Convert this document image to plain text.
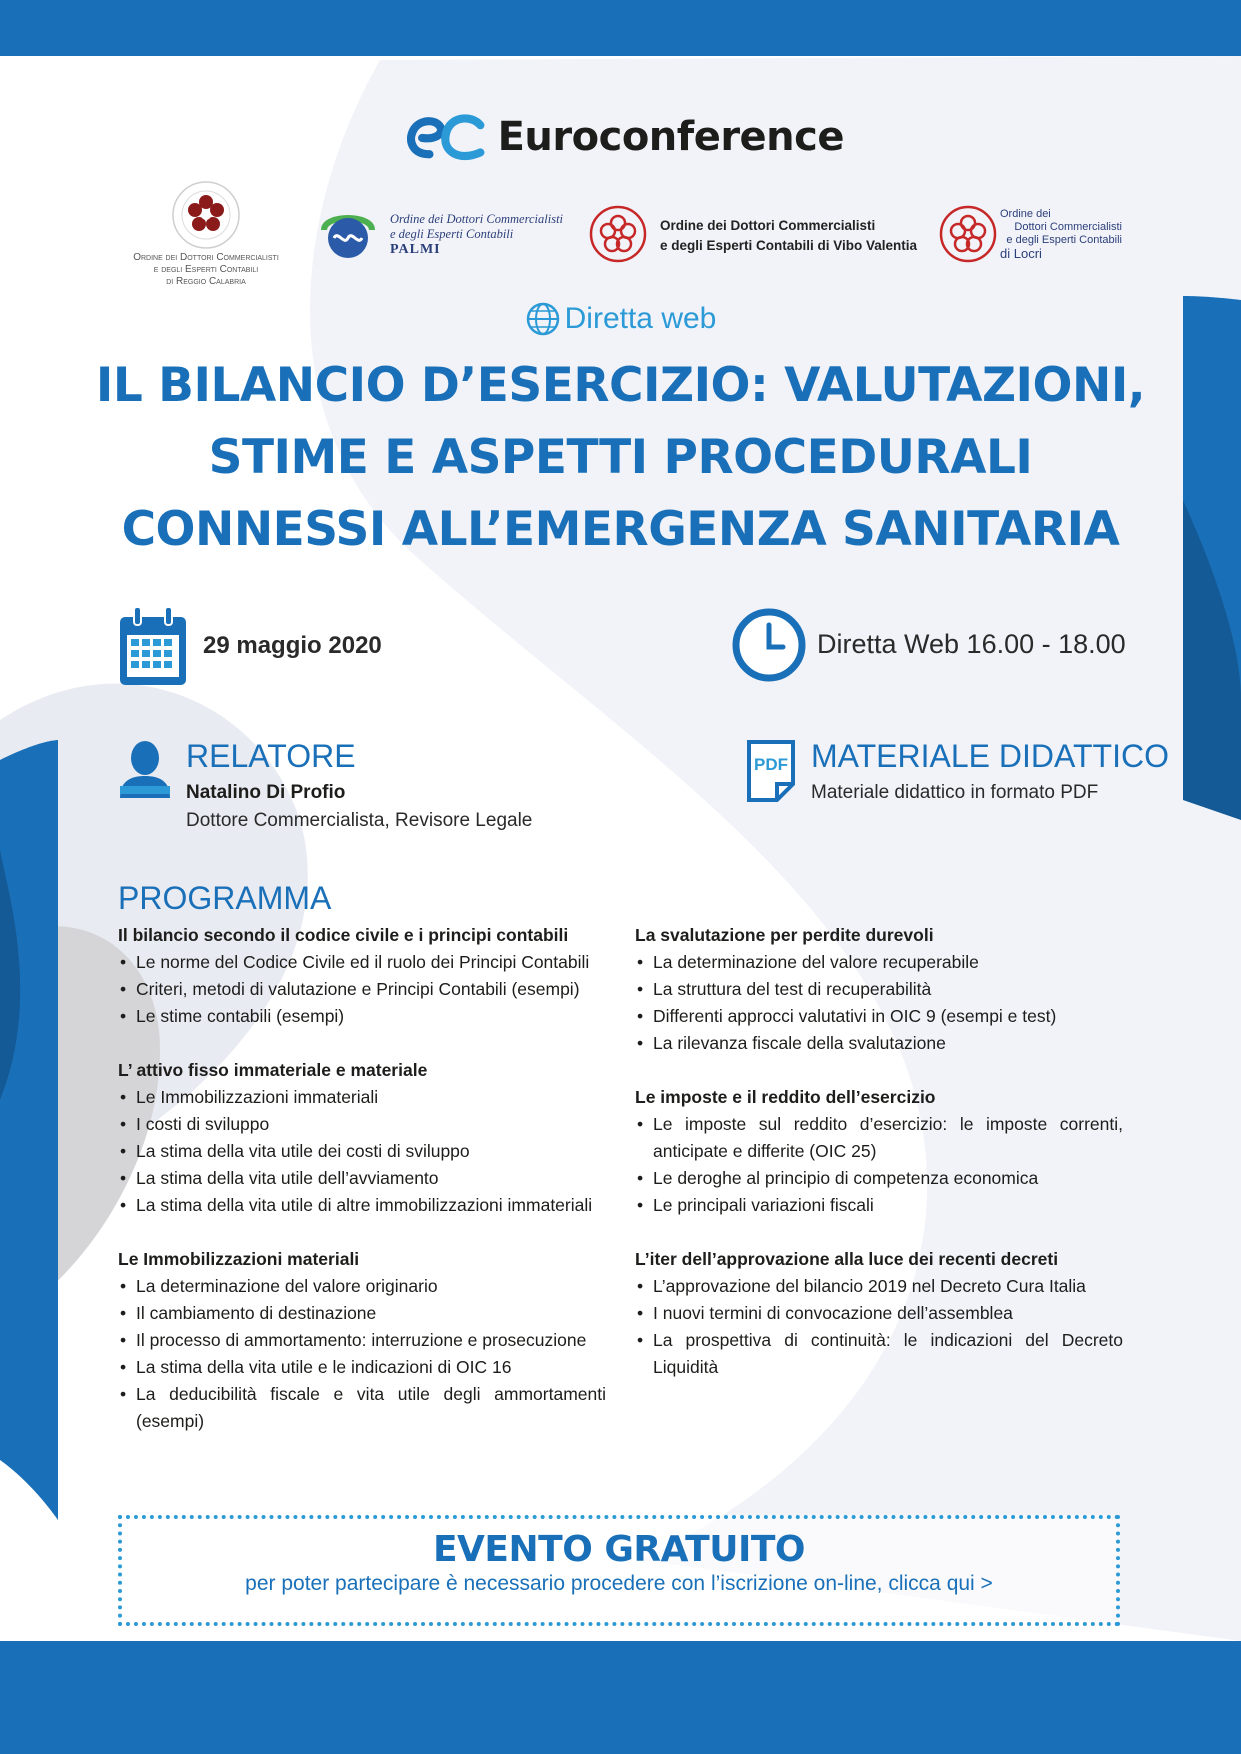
Euroconference
Ordine dei Dottori Commercialisti
e degli Esperti Contabili
di Reggio Calabria
Ordine dei Dottori Commercialisti
e degli Esperti Contabili
PALMI
Ordine dei Dottori Commercialisti
e degli Esperti Contabili di Vibo Valentia
Ordine dei
Dottori Commercialisti
e degli Esperti Contabili
di Locri
Diretta web
IL BILANCIO D’ESERCIZIO: VALUTAZIONI,
STIME E ASPETTI PROCEDURALI
CONNESSI ALL’EMERGENZA SANITARIA
29 maggio 2020	Diretta Web 16.00 - 18.00
RELATORE
Natalino Di Profio
Dottore Commercialista, Revisore Legale
PDF MATERIALE DIDATTICO
Materiale didattico in formato PDF
PROGRAMMA
Il bilancio secondo il codice civile e i principi contabili
• Le norme del Codice Civile ed il ruolo dei Principi Contabili
• Criteri, metodi di valutazione e Principi Contabili (esempi)
• Le stime contabili (esempi)
L’ attivo fisso immateriale e materiale
• Le Immobilizzazioni immateriali
• I costi di sviluppo
• La stima della vita utile dei costi di sviluppo
• La stima della vita utile dell’avviamento
• La stima della vita utile di altre immobilizzazioni immateriali
Le Immobilizzazioni materiali
• La determinazione del valore originario
• Il cambiamento di destinazione
• Il processo di ammortamento: interruzione e prosecuzione
• La stima della vita utile e le indicazioni di OIC 16
• La deducibilità fiscale e vita utile degli ammortamenti (esempi)
La svalutazione per perdite durevoli
• La determinazione del valore recuperabile
• La struttura del test di recuperabilità
• Differenti approcci valutativi in OIC 9 (esempi e test)
• La rilevanza fiscale della svalutazione
Le imposte e il reddito dell’esercizio
• Le imposte sul reddito d’esercizio: le imposte correnti, anticipate e differite (OIC 25)
• Le deroghe al principio di competenza economica
• Le principali variazioni fiscali
L’iter dell’approvazione alla luce dei recenti decreti
• L’approvazione del bilancio 2019 nel Decreto Cura Italia
• I nuovi termini di convocazione dell’assemblea
• La prospettiva di continuità: le indicazioni del Decreto Liquidità
EVENTO GRATUITO
per poter partecipare è necessario procedere con l’iscrizione on-line, clicca qui >
